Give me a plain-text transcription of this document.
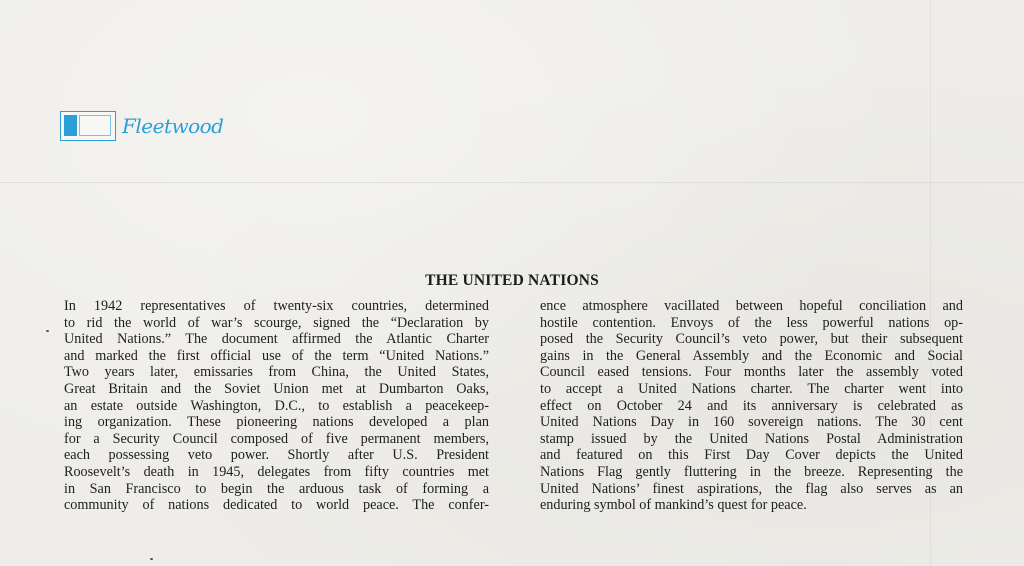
Fleetwood
THE UNITED NATIONS
In 1942 representatives of twenty-six countries, determined
to rid the world of war’s scourge, signed the “Declaration by
United Nations.” The document affirmed the Atlantic Charter
and marked the first official use of the term “United Nations.”
Two years later, emissaries from China, the United States,
Great Britain and the Soviet Union met at Dumbarton Oaks,
an estate outside Washington, D.C., to establish a peacekeep-
ing organization. These pioneering nations developed a plan
for a Security Council composed of five permanent members,
each possessing veto power. Shortly after U.S. President
Roosevelt’s death in 1945, delegates from fifty countries met
in San Francisco to begin the arduous task of forming a
community of nations dedicated to world peace. The confer-
ence atmosphere vacillated between hopeful conciliation and
hostile contention. Envoys of the less powerful nations op-
posed the Security Council’s veto power, but their subsequent
gains in the General Assembly and the Economic and Social
Council eased tensions. Four months later the assembly voted
to accept a United Nations charter. The charter went into
effect on October 24 and its anniversary is celebrated as
United Nations Day in 160 sovereign nations. The 30 cent
stamp issued by the United Nations Postal Administration
and featured on this First Day Cover depicts the United
Nations Flag gently fluttering in the breeze. Representing the
United Nations’ finest aspirations, the flag also serves as an
enduring symbol of mankind’s quest for peace.
